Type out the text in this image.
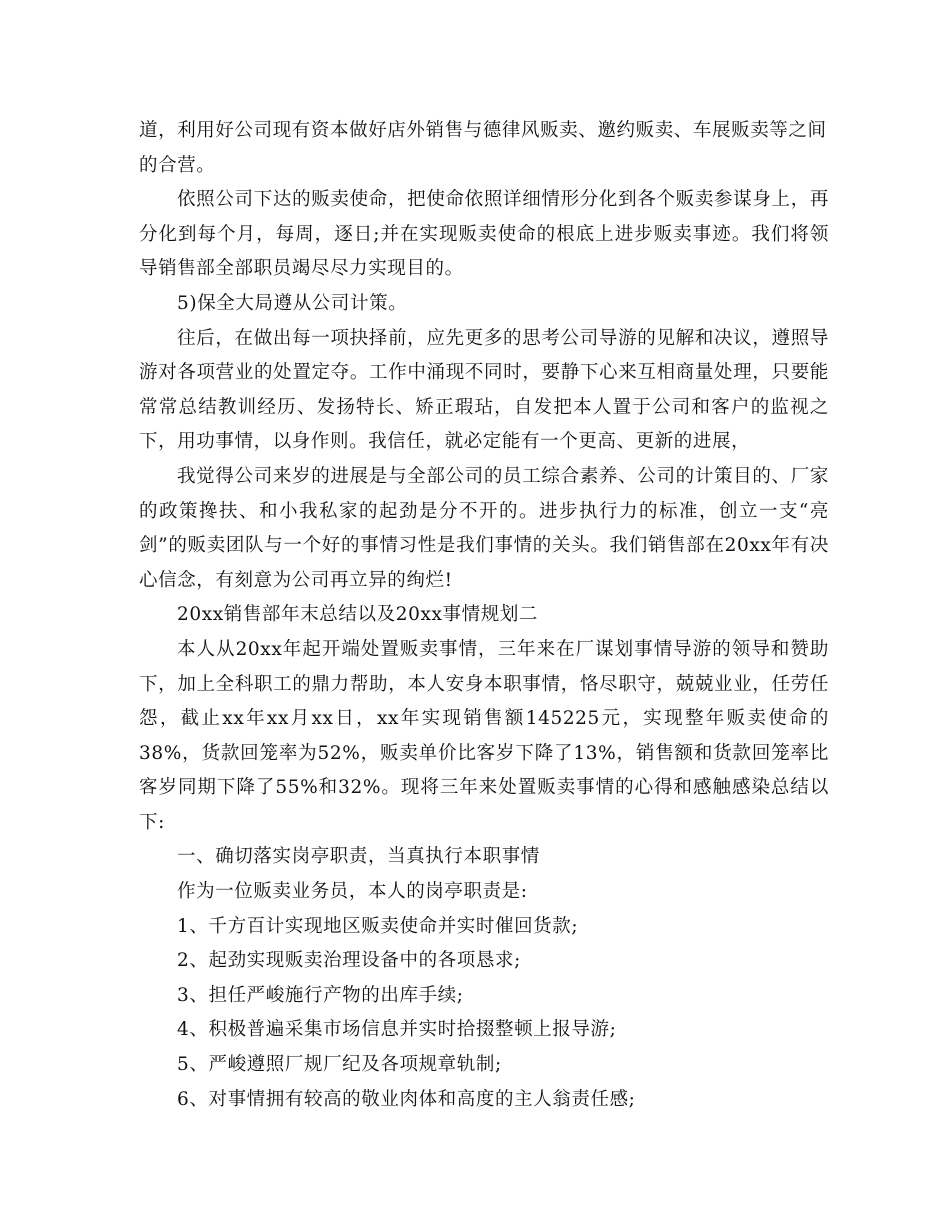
道，利用好公司现有资本做好店外销售与德律风贩卖、邀约贩卖、车展贩卖等之间的合营。

依照公司下达的贩卖使命，把使命依照详细情形分化到各个贩卖参谋身上，再分化到每个月，每周，逐日;并在实现贩卖使命的根底上进步贩卖事迹。我们将领导销售部全部职员竭尽尽力实现目的。

5)保全大局遵从公司计策。

往后，在做出每一项抉择前，应先更多的思考公司导游的见解和决议，遵照导游对各项营业的处置定夺。工作中涌现不同时，要静下心来互相商量处理，只要能常常总结教训经历、发扬特长、矫正瑕玷，自发把本人置于公司和客户的监视之下，用功事情，以身作则。我信任，就必定能有一个更高、更新的进展，

我觉得公司来岁的进展是与全部公司的员工综合素养、公司的计策目的、厂家的政策搀扶、和小我私家的起劲是分不开的。进步执行力的标准，创立一支“亮剑”的贩卖团队与一个好的事情习性是我们事情的关头。我们销售部在20xx年有决心信念，有刻意为公司再立异的绚烂!

20xx销售部年末总结以及20xx事情规划二

本人从20xx年起开端处置贩卖事情，三年来在厂谋划事情导游的领导和赞助下，加上全科职工的鼎力帮助，本人安身本职事情，恪尽职守，兢兢业业，任劳任怨，截止xx年xx月xx日，xx年实现销售额145225元，实现整年贩卖使命的38%，货款回笼率为52%，贩卖单价比客岁下降了13%，销售额和货款回笼率比客岁同期下降了55%和32%。现将三年来处置贩卖事情的心得和感触感染总结以下:

一、确切落实岗亭职责，当真执行本职事情

作为一位贩卖业务员，本人的岗亭职责是:

1、千方百计实现地区贩卖使命并实时催回货款;

2、起劲实现贩卖治理设备中的各项恳求;

3、担任严峻施行产物的出库手续;

4、积极普遍采集市场信息并实时拾掇整顿上报导游;

5、严峻遵照厂规厂纪及各项规章轨制;

6、对事情拥有较高的敬业肉体和高度的主人翁责任感;
